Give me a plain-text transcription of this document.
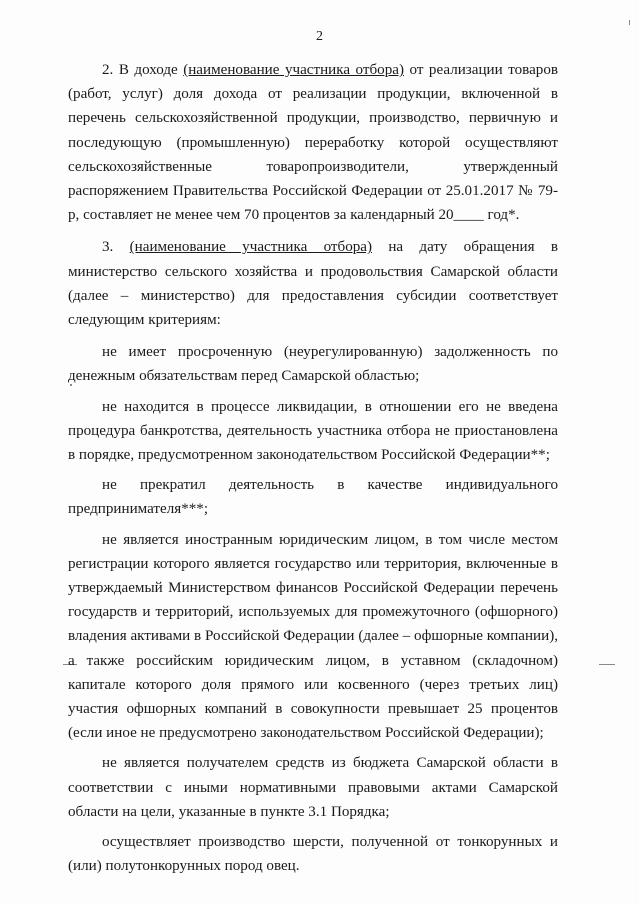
2

2. В доходе (наименование участника отбора) от реализации товаров (работ, услуг) доля дохода от реализации продукции, включенной в перечень сельскохозяйственной продукции, производство, первичную и последующую (промышленную) переработку которой осуществляют сельскохозяйственные товаропроизводители, утвержденный распоряжением Правительства Российской Федерации от 25.01.2017 № 79-р, составляет не менее чем 70 процентов за календарный 20____ год*.

3. (наименование участника отбора) на дату обращения в министерство сельского хозяйства и продовольствия Самарской области (далее – министерство) для предоставления субсидии соответствует следующим критериям:

не имеет просроченную (неурегулированную) задолженность по денежным обязательствам перед Самарской областью;

не находится в процессе ликвидации, в отношении его не введена процедура банкротства, деятельность участника отбора не приостановлена в порядке, предусмотренном законодательством Российской Федерации**;

не прекратил деятельность в качестве индивидуального предпринимателя***;

не является иностранным юридическим лицом, в том числе местом регистрации которого является государство или территория, включенные в утверждаемый Министерством финансов Российской Федерации перечень государств и территорий, используемых для промежуточного (офшорного) владения активами в Российской Федерации (далее – офшорные компании), а также российским юридическим лицом, в уставном (складочном) капитале которого доля прямого или косвенного (через третьих лиц) участия офшорных компаний в совокупности превышает 25 процентов (если иное не предусмотрено законодательством Российской Федерации);

не является получателем средств из бюджета Самарской области в соответствии с иными нормативными правовыми актами Самарской области на цели, указанные в пункте 3.1 Порядка;

осуществляет производство шерсти, полученной от тонкорунных и (или) полутонкорунных пород овец.
